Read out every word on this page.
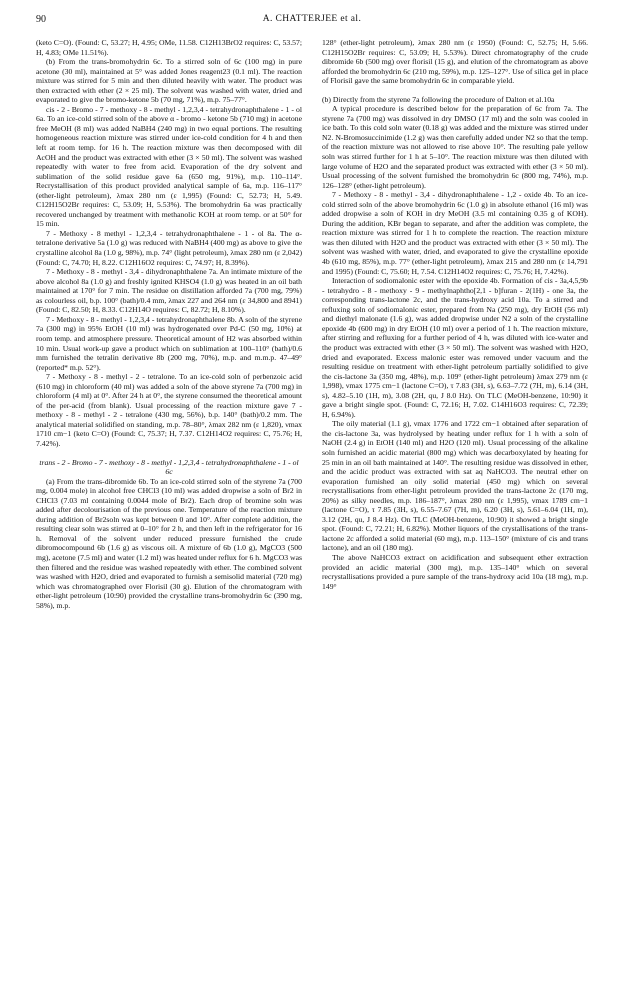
90	A. CHATTERJEE et al.

(keto C=O). (Found: C, 53.27; H, 4.95; OMe, 11.58. C12H13BrO2 requires: C, 53.57; H, 4.83; OMe 11.51%).

(b) From the trans-bromohydrin 6c. To a stirred soln of 6c (100 mg) in pure acetone (30 ml), maintained at 5° was added Jones reagent23 (0.1 ml). The reaction mixture was stirred for 5 min and then diluted heavily with water. The product was then extracted with ether (2 × 25 ml). The solvent was washed with water, dried and evaporated to give the bromo-ketone 5b (70 mg, 71%), m.p. 75–77°.

cis - 2 - Bromo - 7 - methoxy - 8 - methyl - 1,2,3,4 - tetrahydronaphthalene - 1 - ol 6a. To an ice-cold stirred soln of the above α - bromo - ketone 5b (710 mg) in acetone free MeOH (8 ml) was added NaBH4 (240 mg) in two equal portions. The resulting homogeneous reaction mixture was stirred under ice-cold condition for 4 h and then left at room temp. for 16 h. The reaction mixture was then decomposed with dil AcOH and the product was extracted with ether (3 × 50 ml). The solvent was washed repeatedly with water to free from acid. Evaporation of the dry solvent and sublimation of the solid residue gave 6a (650 mg, 91%), m.p. 110–114°. Recrystallisation of this product provided analytical sample of 6a, m.p. 116–117° (ether-light petroleum), λmax 280 nm (ε 1,995) (Found: C, 52.73; H, 5.49. C12H15O2Br requires: C, 53.09; H, 5.53%). The bromohydrin 6a was practically recovered unchanged by treatment with methanolic KOH at room temp. or at 50° for 15 min.

7 - Methoxy - 8 methyl - 1,2,3,4 - tetrahydronaphthalene - 1 - ol 8a. The α-tetralone derivative 5a (1.0 g) was reduced with NaBH4 (400 mg) as above to give the crystalline alcohol 8a (1.0 g, 98%), m.p. 74° (light petroleum), λmax 280 nm (ε 2,042) (Found: C, 74.70; H, 8.22. C12H16O2 requires: C, 74.97; H, 8.39%).

7 - Methoxy - 8 - methyl - 3,4 - dihydronaphthalene 7a. An intimate mixture of the above alcohol 8a (1.0 g) and freshly ignited KHSO4 (1.0 g) was heated in an oil bath maintained at 170° for 7 min. The residue on distillation afforded 7a (700 mg, 79%) as colourless oil, b.p. 100° (bath)/0.4 mm, λmax 227 and 264 nm (ε 34,800 and 8941) (Found: C, 82.50; H, 8.33. C12H14O requires: C, 82.72; H, 8.10%).

7 - Methoxy - 8 - methyl - 1,2,3,4 - tetrahydronaphthalene 8b. A soln of the styrene 7a (300 mg) in 95% EtOH (10 ml) was hydrogenated over Pd-C (50 mg, 10%) at room temp. and atmosphere pressure. Theoretical amount of H2 was absorbed within 10 min. Usual work-up gave a product which on sublimation at 100–110° (bath)/0.6 mm furnished the tetralin derivative 8b (200 mg, 70%), m.p. and m.m.p. 47–49° (reported* m.p. 52°).

7 - Methoxy - 8 - methyl - 2 - tetralone. To an ice-cold soln of perbenzoic acid (610 mg) in chloroform (40 ml) was added a soln of the above styrene 7a (700 mg) in chloroform (4 ml) at 0°. After 24 h at 0°, the styrene consumed the theoretical amount of the per-acid (from blank). Usual processing of the reaction mixture gave 7 - methoxy - 8 - methyl - 2 - tetralone (430 mg, 56%), b.p. 140° (bath)/0.2 mm. The analytical material solidified on standing, m.p. 78–80°, λmax 282 nm (ε 1,820), νmax 1710 cm−1 (keto C=O) (Found: C, 75.37; H, 7.37. C12H14O2 requires: C, 75.76; H, 7.42%).

trans - 2 - Bromo - 7 - methoxy - 8 - methyl - 1,2,3,4 - tetrahydronaphthalene - 1 - ol 6c

(a) From the trans-dibromide 6b. To an ice-cold stirred soln of the styrene 7a (700 mg, 0.004 mole) in alcohol free CHCl3 (10 ml) was added dropwise a soln of Br2 in CHCl3 (7.03 ml containing 0.0044 mole of Br2). Each drop of bromine soln was added after decolourisation of the previous one. Temperature of the reaction mixture during addition of Br2soln was kept between 0 and 10°. After complete addition, the resulting clear soln was stirred at 0–10° for 2 h, and then left in the refrigerator for 16 h. Removal of the solvent under reduced pressure furnished the crude dibromocompound 6b (1.6 g) as viscous oil. A mixture of 6b (1.0 g), MgCO3 (500 mg), acetone (7.5 ml) and water (1.2 ml) was heated under reflux for 6 h. MgCO3 was then filtered and the residue was washed repeatedly with ether. The combined solvent was washed with H2O, dried and evaporated to furnish a semisolid material (720 mg) which was chromatographed over Florisil (30 g). Elution of the chromatogram with ether-light petroleum (10:90) provided the crystalline trans-bromohydrin 6c (390 mg, 58%), m.p.

128° (ether-light petroleum), λmax 280 nm (ε 1950) (Found: C, 52.75; H, 5.66. C12H15O2Br requires: C, 53.09; H, 5.53%). Direct chromatography of the crude dibromide 6b (500 mg) over florisil (15 g), and elution of the chromatogram as above afforded the bromohydrin 6c (210 mg, 59%), m.p. 125–127°. Use of silica gel in place of Florisil gave the same bromohydrin 6c in comparable yield.

(b) Directly from the styrene 7a following the procedure of Dalton et al.10a

A typical procedure is described below for the preparation of 6c from 7a. The styrene 7a (700 mg) was dissolved in dry DMSO (17 ml) and the soln was cooled in ice bath. To this cold soln water (0.18 g) was added and the mixture was stirred under N2. N-Bromosuccinimide (1.2 g) was then carefully added under N2 so that the temp. of the reaction mixture was not allowed to rise above 10°. The resulting pale yellow soln was stirred further for 1 h at 5–10°. The reaction mixture was then diluted with large volume of H2O and the separated product was extracted with ether (3 × 50 ml). Usual processing of the solvent furnished the bromohydrin 6c (800 mg, 74%), m.p. 126–128° (ether-light petroleum).

7 - Methoxy - 8 - methyl - 3,4 - dihydronaphthalene - 1,2 - oxide 4b. To an ice-cold stirred soln of the above bromohydrin 6c (1.0 g) in absolute ethanol (16 ml) was added dropwise a soln of KOH in dry MeOH (3.5 ml containing 0.35 g of KOH). During the addition, KBr began to separate, and after the addition was complete, the reaction mixture was stirred for 1 h to complete the reaction. The reaction mixture was then diluted with H2O and the product was extracted with ether (3 × 50 ml). The solvent was washed with water, dried, and evaporated to give the crystalline epoxide 4b (610 mg, 85%), m.p. 77° (ether-light petroleum), λmax 215 and 280 nm (ε 14,791 and 1995) (Found: C, 75.60; H, 7.54. C12H14O2 requires: C, 75.76; H, 7.42%).

Interaction of sodiomalonic ester with the epoxide 4b. Formation of cis - 3a,4,5,9b - tetrahydro - 8 - methoxy - 9 - methylnaphtho[2,1 - b]furan - 2(1H) - one 3a, the corresponding trans-lactone 2c, and the trans-hydroxy acid 10a. To a stirred and refluxing soln of sodiomalonic ester, prepared from Na (250 mg), dry EtOH (56 ml) and diethyl malonate (1.6 g), was added dropwise under N2 a soln of the crystalline epoxide 4b (600 mg) in dry EtOH (10 ml) over a period of 1 h. The reaction mixture, after stirring and refluxing for a further period of 4 h, was diluted with ice-water and the product was extracted with ether (3 × 50 ml). The solvent was washed with H2O, dried and evaporated. Excess malonic ester was removed under vacuum and the resulting residue on treatment with ether-light petroleum partially solidified to give the cis-lactone 3a (350 mg, 48%), m.p. 109° (ether-light petroleum) λmax 279 nm (ε 1,998), νmax 1775 cm−1 (lactone C=O), τ 7.83 (3H, s), 6.63–7.72 (7H, m), 6.14 (3H, s), 4.82–5.10 (1H, m), 3.08 (2H, qu, J 8.0 Hz). On TLC (MeOH-benzene, 10:90) it gave a bright single spot. (Found: C, 72.16; H, 7.02. C14H16O3 requires: C, 72.39; H, 6.94%).

The oily material (1.1 g), νmax 1776 and 1722 cm−1 obtained after separation of the cis-lactone 3a, was hydrolysed by heating under reflux for 1 h with a soln of NaOH (2.4 g) in EtOH (140 ml) and H2O (120 ml). Usual processing of the alkaline soln furnished an acidic material (800 mg) which was decarboxylated by heating for 25 min in an oil bath maintained at 140°. The resulting residue was dissolved in ether, and the acidic product was extracted with sat aq NaHCO3. The neutral ether on evaporation furnished an oily solid material (450 mg) which on several recrystallisations from ether-light petroleum provided the trans-lactone 2c (170 mg, 20%) as silky needles, m.p. 186–187°, λmax 280 nm (ε 1,995), νmax 1789 cm−1 (lactone C=O), τ 7.85 (3H, s), 6.55–7.67 (7H, m), 6.20 (3H, s), 5.61–6.04 (1H, m), 3.12 (2H, qu, J 8.4 Hz). On TLC (MeOH-benzene, 10:90) it showed a bright single spot. (Found: C, 72.21; H, 6.82%). Mother liquors of the crystallisations of the trans-lactone 2c afforded a solid material (60 mg), m.p. 113–150° (mixture of cis and trans lactone), and an oil (180 mg).

The above NaHCO3 extract on acidification and subsequent ether extraction provided an acidic material (300 mg), m.p. 135–140° which on several recrystallisations provided a pure sample of the trans-hydroxy acid 10a (18 mg), m.p. 149°
